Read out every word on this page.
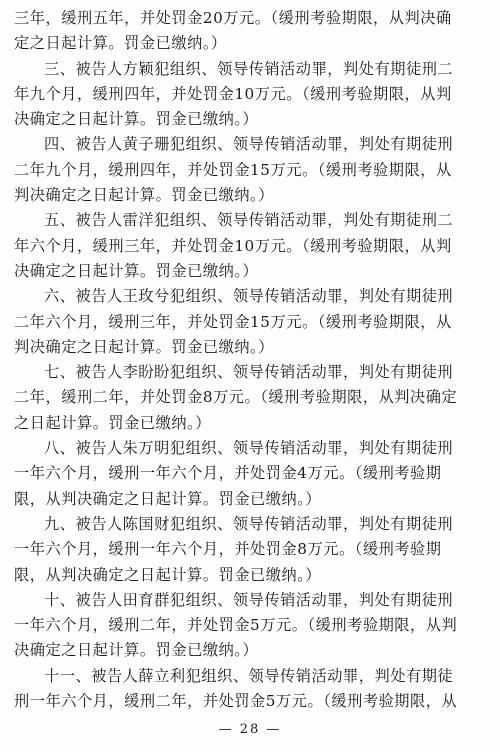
三年，缓刑五年，并处罚金20万元。（缓刑考验期限，从判决确
定之日起计算。罚金已缴纳。）
三、被告人方颖犯组织、领导传销活动罪，判处有期徒刑二
年九个月，缓刑四年，并处罚金10万元。（缓刑考验期限，从判
决确定之日起计算。罚金已缴纳。）
四、被告人黄子珊犯组织、领导传销活动罪，判处有期徒刑
二年九个月，缓刑四年，并处罚金15万元。（缓刑考验期限，从
判决确定之日起计算。罚金已缴纳。）
五、被告人雷洋犯组织、领导传销活动罪，判处有期徒刑二
年六个月，缓刑三年，并处罚金10万元。（缓刑考验期限，从判
决确定之日起计算。罚金已缴纳。）
六、被告人王玫兮犯组织、领导传销活动罪，判处有期徒刑
二年六个月，缓刑三年，并处罚金15万元。（缓刑考验期限，从
判决确定之日起计算。罚金已缴纳。）
七、被告人李盼盼犯组织、领导传销活动罪，判处有期徒刑
二年，缓刑二年，并处罚金8万元。（缓刑考验期限，从判决确定
之日起计算。罚金已缴纳。）
八、被告人朱万明犯组织、领导传销活动罪，判处有期徒刑
一年六个月，缓刑一年六个月，并处罚金4万元。（缓刑考验期
限，从判决确定之日起计算。罚金已缴纳。）
九、被告人陈国财犯组织、领导传销活动罪，判处有期徒刑
一年六个月，缓刑一年六个月，并处罚金8万元。（缓刑考验期
限，从判决确定之日起计算。罚金已缴纳。）
十、被告人田育群犯组织、领导传销活动罪，判处有期徒刑
一年六个月，缓刑二年，并处罚金5万元。（缓刑考验期限，从判
决确定之日起计算。罚金已缴纳。）
十一、被告人薛立利犯组织、领导传销活动罪，判处有期徒
刑一年六个月，缓刑二年，并处罚金5万元。（缓刑考验期限，从
— 28 —
